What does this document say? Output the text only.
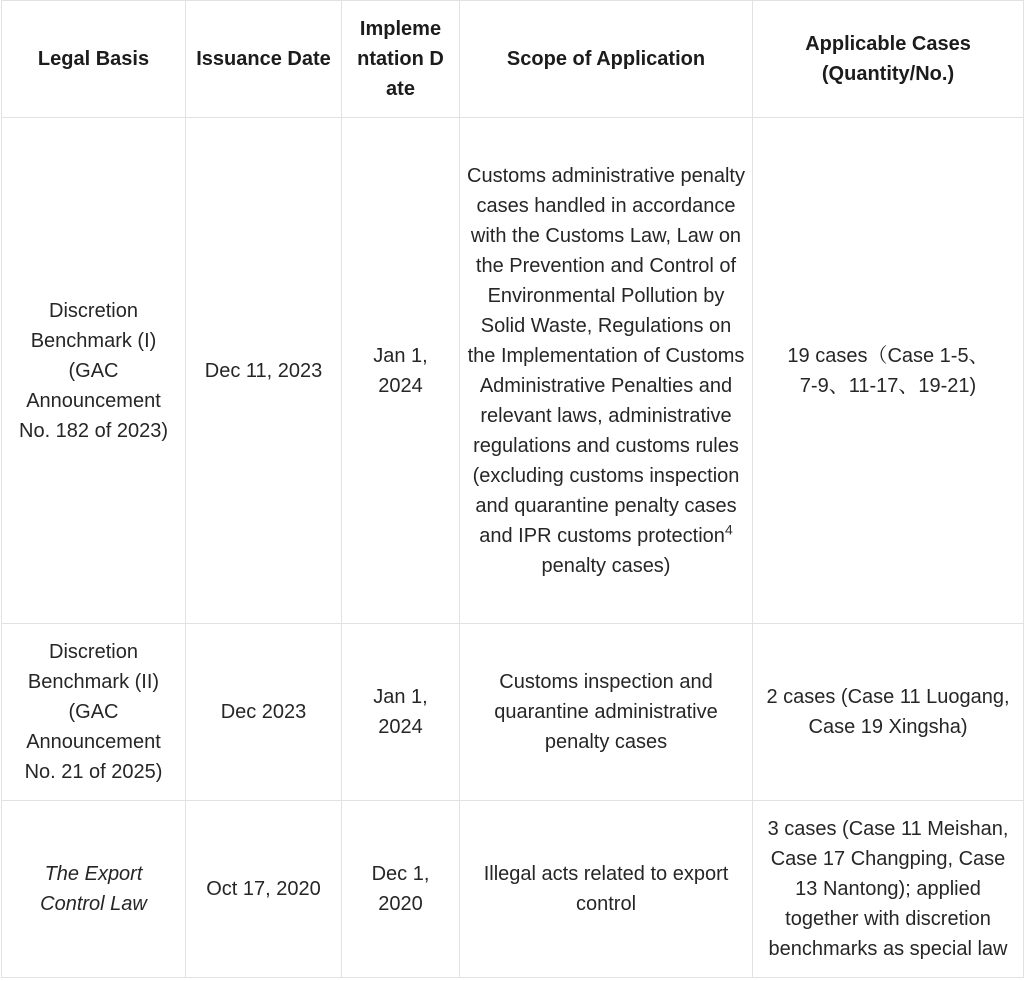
Legal Basis	Issuance Date	Implementation Date	Scope of Application	Applicable Cases (Quantity/No.)
Discretion Benchmark (I) (GAC Announcement No. 182 of 2023)	Dec 11, 2023	Jan 1, 2024	Customs administrative penalty cases handled in accordance with the Customs Law, Law on the Prevention and Control of Environmental Pollution by Solid Waste, Regulations on the Implementation of Customs Administrative Penalties and relevant laws, administrative regulations and customs rules (excluding customs inspection and quarantine penalty cases and IPR customs protection$^4$ penalty cases)	19 cases（Case 1-5、7-9、11-17、19-21)
Discretion Benchmark (II) (GAC Announcement No. 21 of 2025)	Dec 2023	Jan 1, 2024	Customs inspection and quarantine administrative penalty cases	2 cases (Case 11 Luogang, Case 19 Xingsha)
The Export Control Law	Oct 17, 2020	Dec 1, 2020	Illegal acts related to export control	3 cases (Case 11 Meishan, Case 17 Changping, Case 13 Nantong); applied together with discretion benchmarks as special law
